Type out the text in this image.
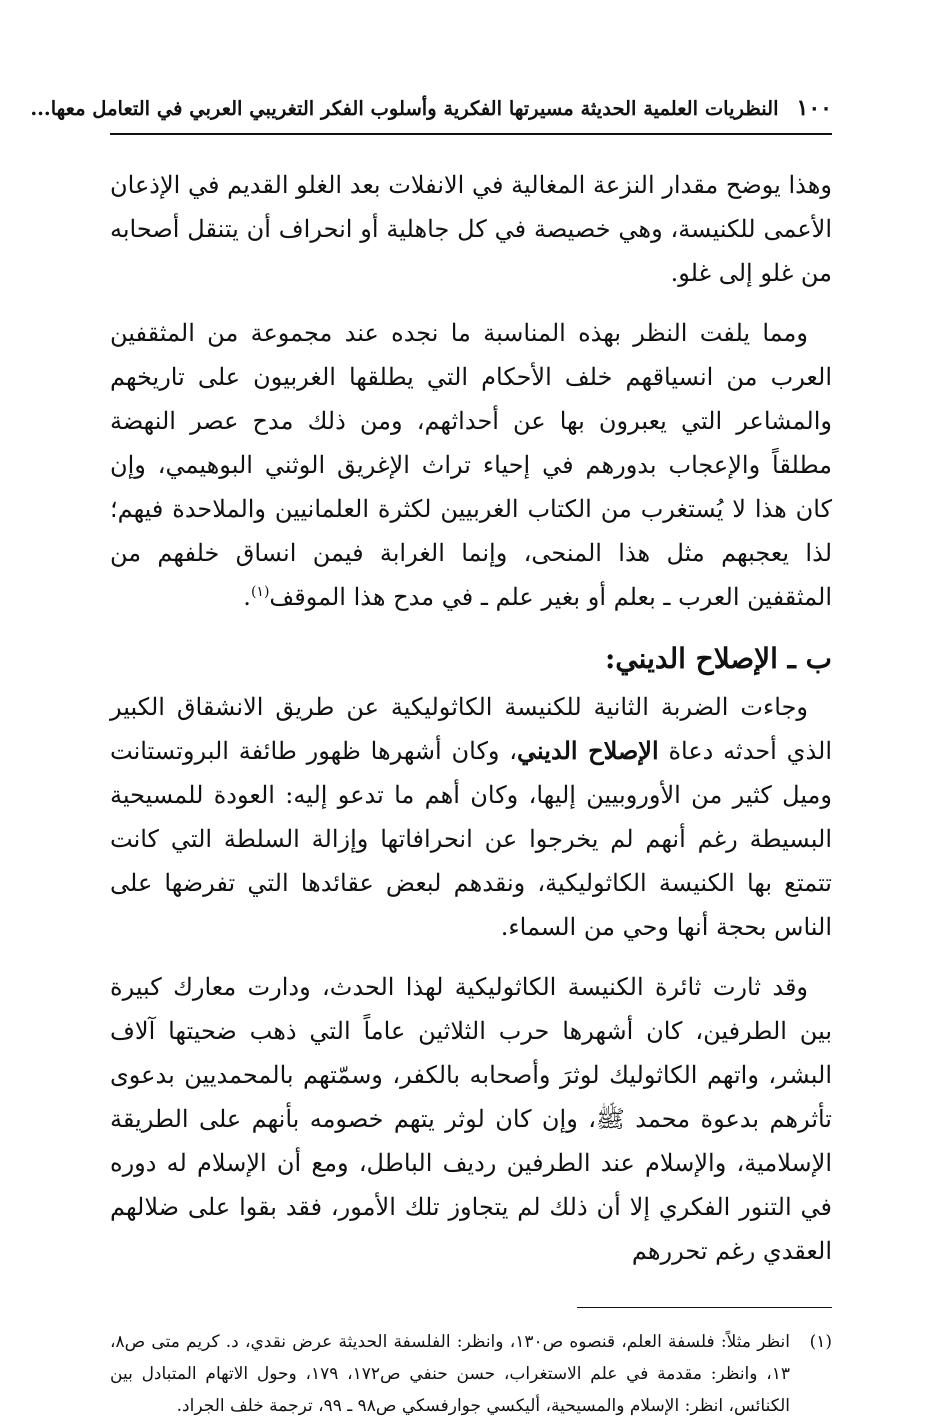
١٠٠
النظريات العلمية الحديثة مسيرتها الفكرية وأسلوب الفكر التغريبي العربي في التعامل معها...

وهذا يوضح مقدار النزعة المغالية في الانفلات بعد الغلو القديم في الإذعان الأعمى للكنيسة، وهي خصيصة في كل جاهلية أو انحراف أن يتنقل أصحابه من غلو إلى غلو.

ومما يلفت النظر بهذه المناسبة ما نجده عند مجموعة من المثقفين العرب من انسياقهم خلف الأحكام التي يطلقها الغربيون على تاريخهم والمشاعر التي يعبرون بها عن أحداثهم، ومن ذلك مدح عصر النهضة مطلقاً والإعجاب بدورهم في إحياء تراث الإغريق الوثني البوهيمي، وإن كان هذا لا يُستغرب من الكتاب الغربيين لكثرة العلمانيين والملاحدة فيهم؛ لذا يعجبهم مثل هذا المنحى، وإنما الغرابة فيمن انساق خلفهم من المثقفين العرب ـ بعلم أو بغير علم ـ في مدح هذا الموقف$^{(١)}$.

ب ـ الإصلاح الديني:

وجاءت الضربة الثانية للكنيسة الكاثوليكية عن طريق الانشقاق الكبير الذي أحدثه دعاة الإصلاح الديني، وكان أشهرها ظهور طائفة البروتستانت وميل كثير من الأوروبيين إليها، وكان أهم ما تدعو إليه: العودة للمسيحية البسيطة رغم أنهم لم يخرجوا عن انحرافاتها وإزالة السلطة التي كانت تتمتع بها الكنيسة الكاثوليكية، ونقدهم لبعض عقائدها التي تفرضها على الناس بحجة أنها وحي من السماء.

وقد ثارت ثائرة الكنيسة الكاثوليكية لهذا الحدث، ودارت معارك كبيرة بين الطرفين، كان أشهرها حرب الثلاثين عاماً التي ذهب ضحيتها آلاف البشر، واتهم الكاثوليك لوثرَ وأصحابه بالكفر، وسمّتهم بالمحمديين بدعوى تأثرهم بدعوة محمد ﷺ، وإن كان لوثر يتهم خصومه بأنهم على الطريقة الإسلامية، والإسلام عند الطرفين رديف الباطل، ومع أن الإسلام له دوره في التنور الفكري إلا أن ذلك لم يتجاوز تلك الأمور، فقد بقوا على ضلالهم العقدي رغم تحررهم

(١)
انظر مثلاً: فلسفة العلم، قنصوه ص١٣٠، وانظر: الفلسفة الحديثة عرض نقدي، د. كريم متى ص٨، ١٣، وانظر: مقدمة في علم الاستغراب، حسن حنفي ص١٧٢، ١٧٩، وحول الاتهام المتبادل بين الكنائس، انظر: الإسلام والمسيحية، أليكسي جوارفسكي ص٩٨ ـ ٩٩، ترجمة خلف الجراد.
